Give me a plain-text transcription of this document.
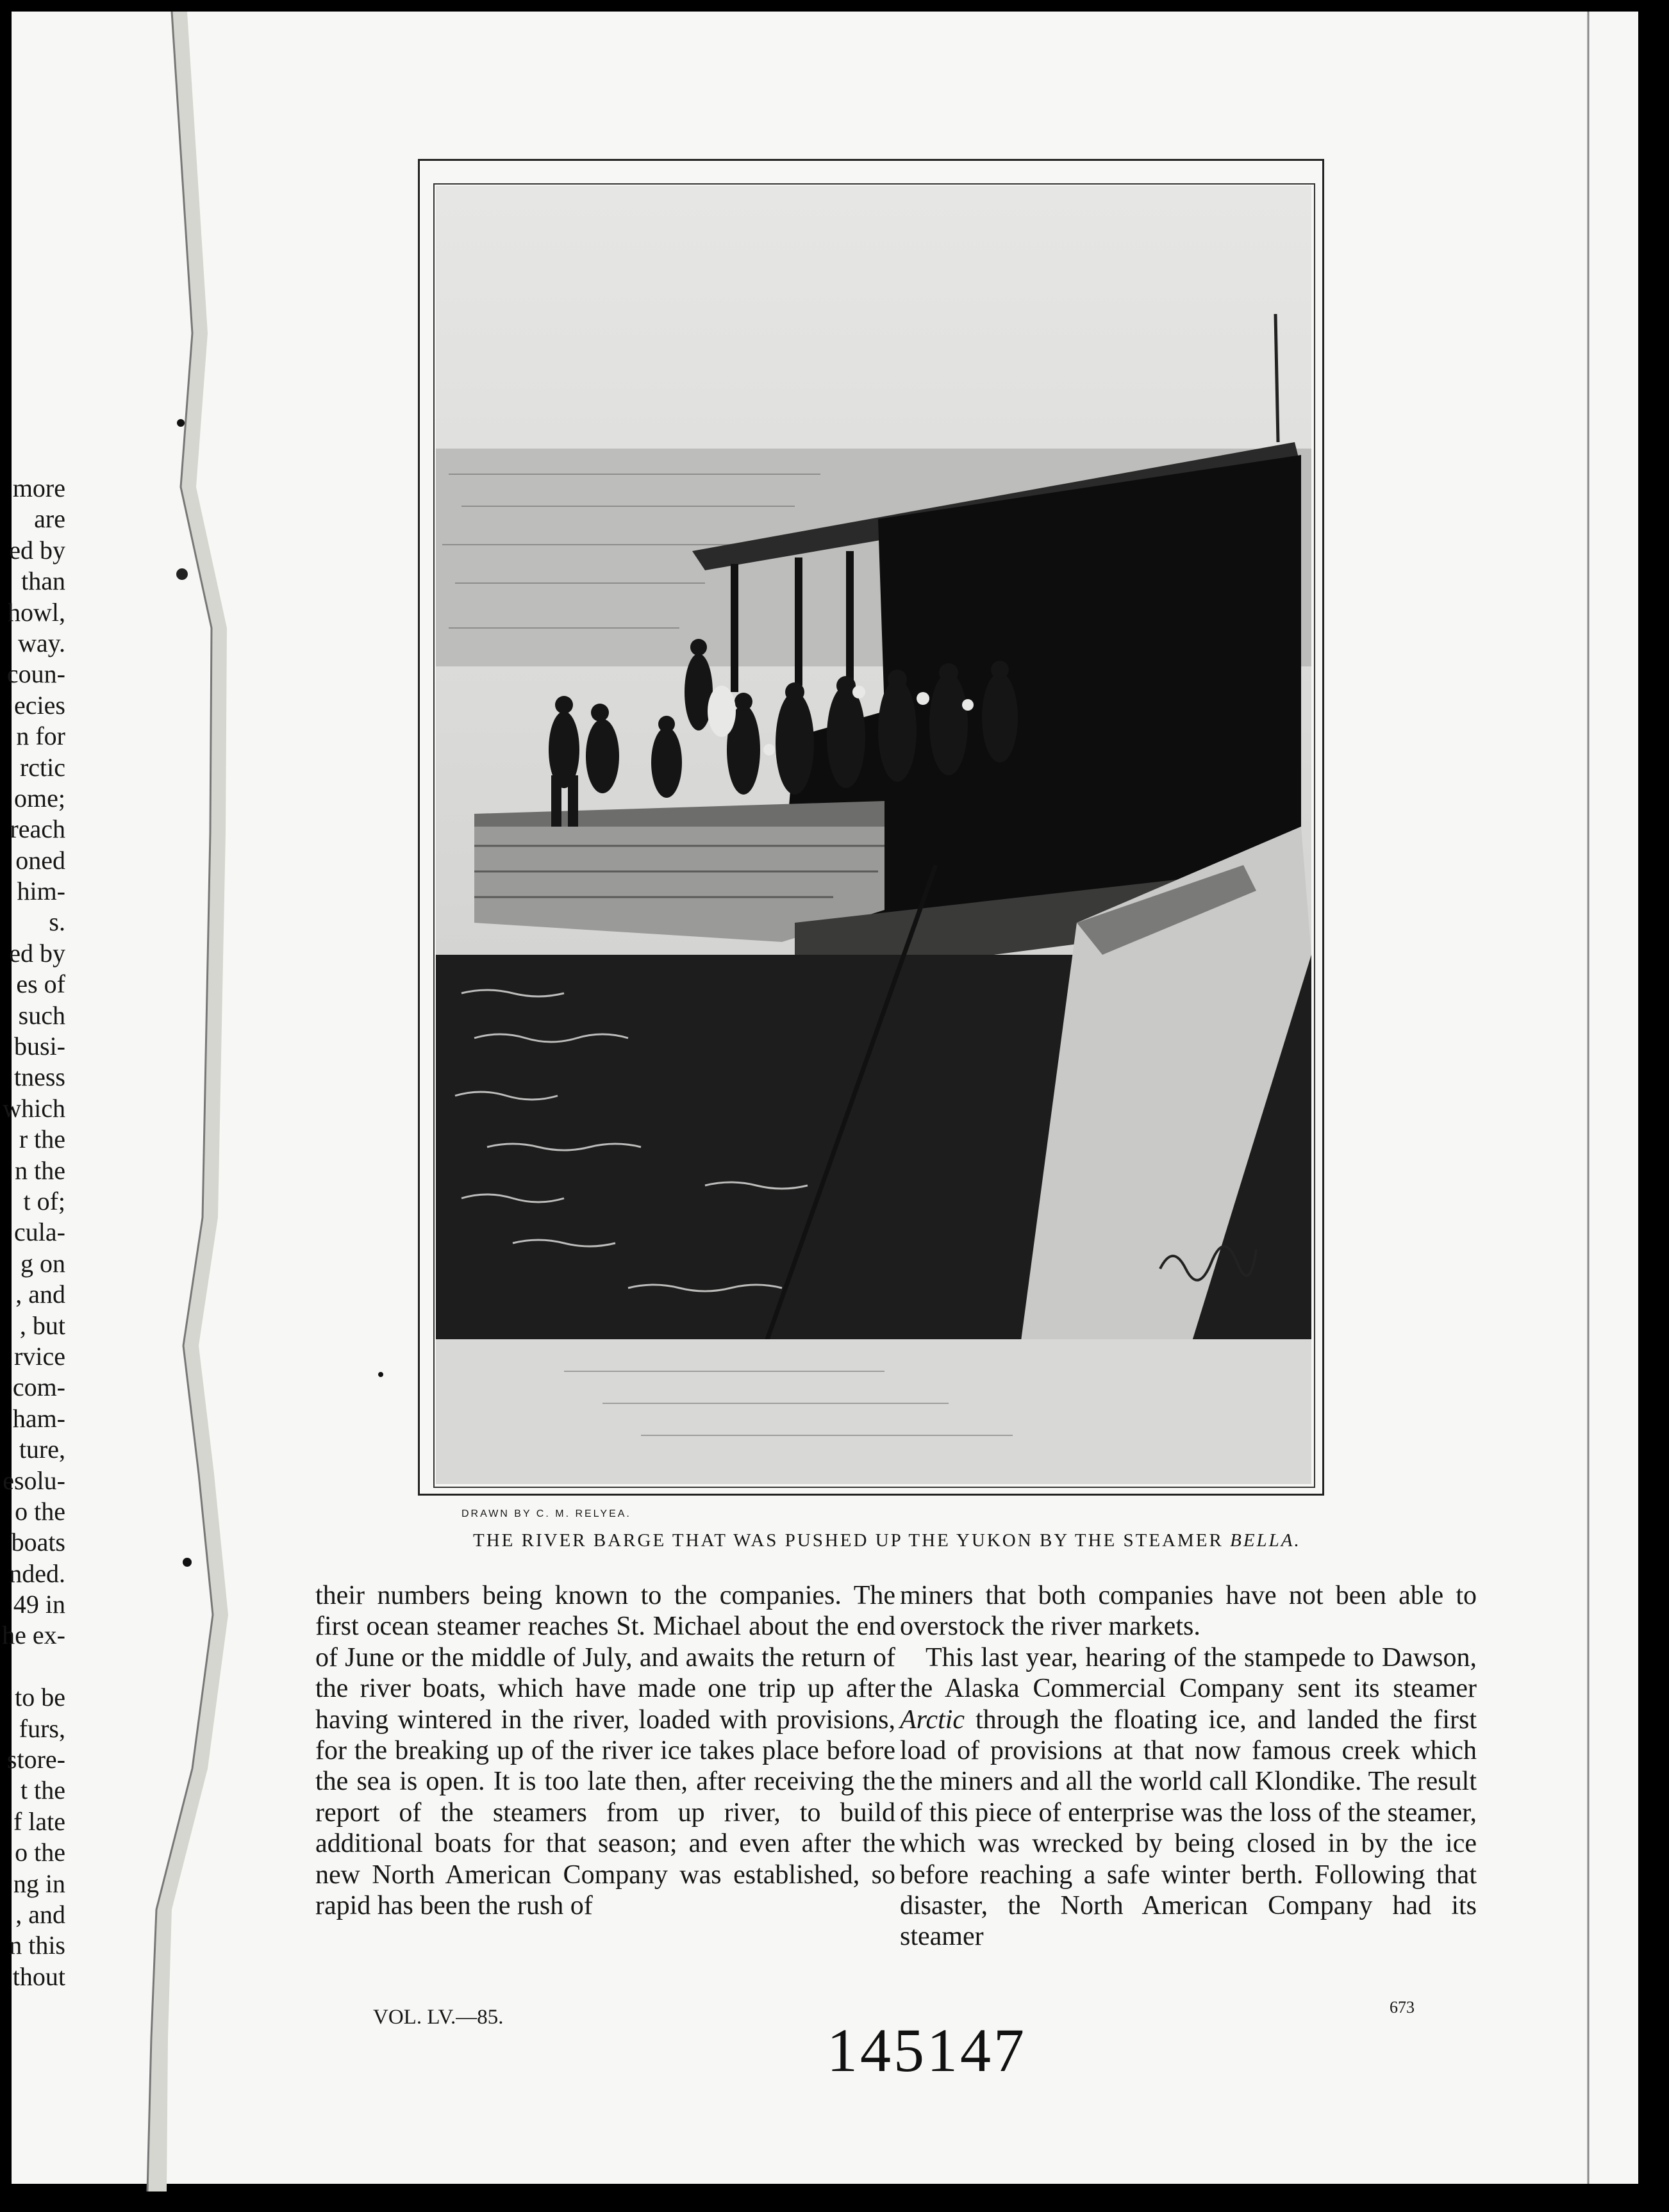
more
are
ed by
than
howl,
way.
coun-
ecies
n for
rctic
ome;
reach
oned
him-
s.
ed by
es of
such
busi-
tness
which
r the
n the
t of;
cula-
g on
, and
, but
rvice
com-
ham-
ture,
esolu-
o the
boats
nded.
49 in
he ex-
to be
furs,
store-
t the
f late
o the
ng in
, and
n this
thout
DRAWN BY C. M. RELYEA.
THE RIVER BARGE THAT WAS PUSHED UP THE YUKON BY THE STEAMER BELLA.

their numbers being known to the companies. The first ocean steamer reaches St. Michael about the end of June or the middle of July, and awaits the return of the river boats, which have made one trip up after having wintered in the river, loaded with provisions, for the breaking up of the river ice takes place before the sea is open. It is too late then, after receiving the report of the steamers from up river, to build additional boats for that season; and even after the new North American Company was established, so rapid has been the rush of

miners that both companies have not been able to overstock the river markets.

This last year, hearing of the stampede to Dawson, the Alaska Commercial Company sent its steamer Arctic through the floating ice, and landed the first load of provisions at that now famous creek which the miners and all the world call Klondike. The result of this piece of enterprise was the loss of the steamer, which was wrecked by being closed in by the ice before reaching a safe winter berth. Following that disaster, the North American Company had its steamer

VOL. LV.—85.	673
145147
